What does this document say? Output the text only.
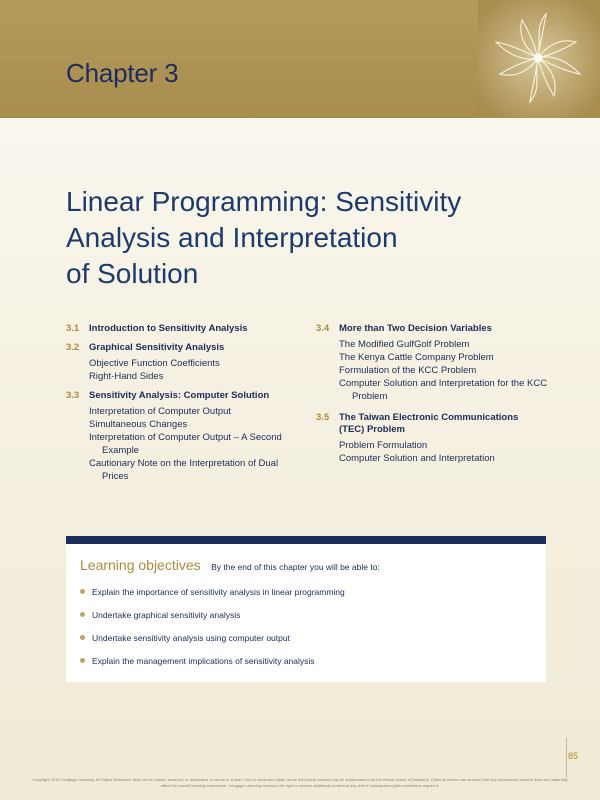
Chapter 3
Linear Programming: Sensitivity
Analysis and Interpretation
of Solution
3.1	Introduction to Sensitivity Analysis
3.2	Graphical Sensitivity Analysis
Objective Function Coefficients
Right-Hand Sides
3.3	Sensitivity Analysis: Computer Solution
Interpretation of Computer Output
Simultaneous Changes
Interpretation of Computer Output – A Second Example
Cautionary Note on the Interpretation of Dual Prices
3.4	More than Two Decision Variables
The Modified GulfGolf Problem
The Kenya Cattle Company Problem
Formulation of the KCC Problem
Computer Solution and Interpretation for the KCC Problem
3.5	The Taiwan Electronic Communications (TEC) Problem
Problem Formulation
Computer Solution and Interpretation
Learning objectives By the end of this chapter you will be able to:
Explain the importance of sensitivity analysis in linear programming
Undertake graphical sensitivity analysis
Undertake sensitivity analysis using computer output
Explain the management implications of sensitivity analysis
85
Copyright 2016 Cengage Learning. All Rights Reserved. May not be copied, scanned, or duplicated, in whole or in part. Due to electronic rights, some third party content may be suppressed from the eBook and/or eChapter(s). Editorial review has deemed that any suppressed content does not materially affect the overall learning experience. Cengage Learning reserves the right to remove additional content at any time if subsequent rights restrictions require it.
